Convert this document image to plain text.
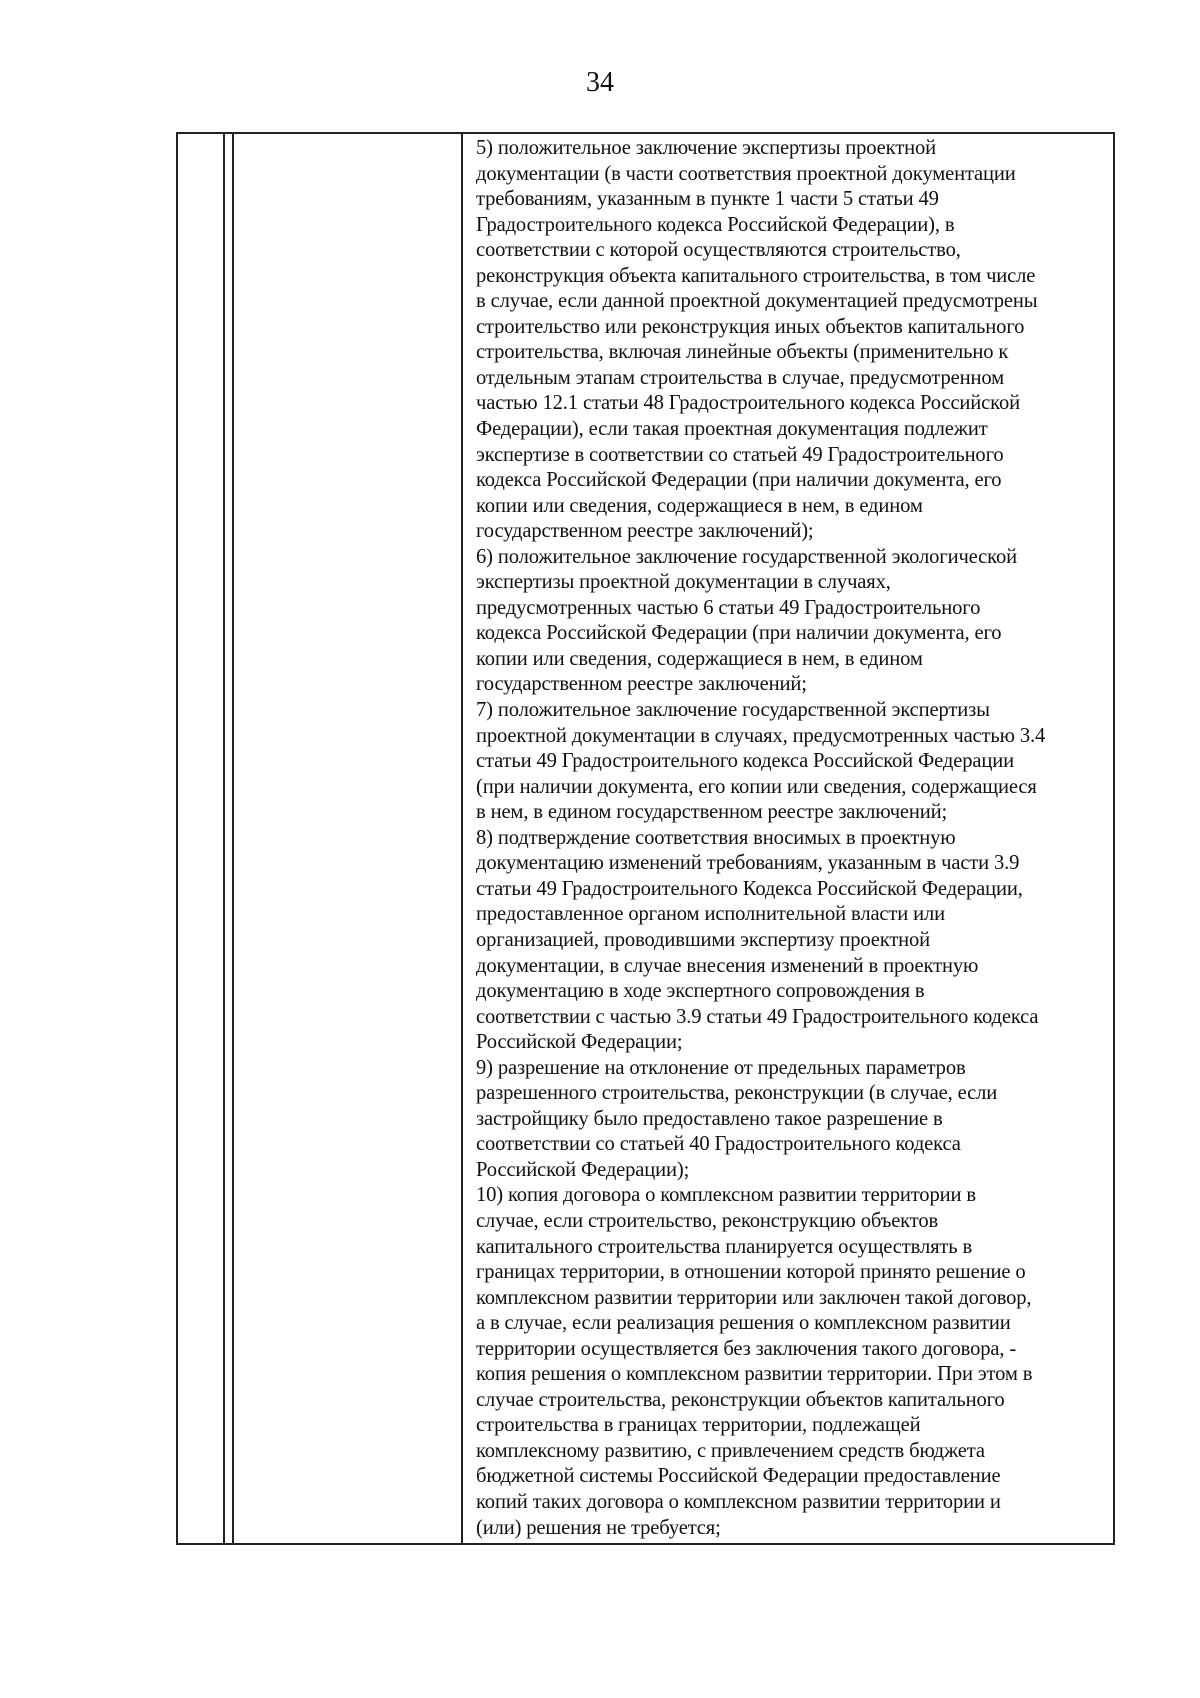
34
5) положительное заключение экспертизы проектной
документации (в части соответствия проектной документации
требованиям, указанным в пункте 1 части 5 статьи 49
Градостроительного кодекса Российской Федерации), в
соответствии с которой осуществляются строительство,
реконструкция объекта капитального строительства, в том числе
в случае, если данной проектной документацией предусмотрены
строительство или реконструкция иных объектов капитального
строительства, включая линейные объекты (применительно к
отдельным этапам строительства в случае, предусмотренном
частью 12.1 статьи 48 Градостроительного кодекса Российской
Федерации), если такая проектная документация подлежит
экспертизе в соответствии со статьей 49 Градостроительного
кодекса Российской Федерации (при наличии документа, его
копии или сведения, содержащиеся в нем, в едином
государственном реестре заключений);
6) положительное заключение государственной экологической
экспертизы проектной документации в случаях,
предусмотренных частью 6 статьи 49 Градостроительного
кодекса Российской Федерации (при наличии документа, его
копии или сведения, содержащиеся в нем, в едином
государственном реестре заключений;
7) положительное заключение государственной экспертизы
проектной документации в случаях, предусмотренных частью 3.4
статьи 49 Градостроительного кодекса Российской Федерации
(при наличии документа, его копии или сведения, содержащиеся
в нем, в едином государственном реестре заключений;
8) подтверждение соответствия вносимых в проектную
документацию изменений требованиям, указанным в части 3.9
статьи 49 Градостроительного Кодекса Российской Федерации,
предоставленное органом исполнительной власти или
организацией, проводившими экспертизу проектной
документации, в случае внесения изменений в проектную
документацию в ходе экспертного сопровождения в
соответствии с частью 3.9 статьи 49 Градостроительного кодекса
Российской Федерации;
9) разрешение на отклонение от предельных параметров
разрешенного строительства, реконструкции (в случае, если
застройщику было предоставлено такое разрешение в
соответствии со статьей 40 Градостроительного кодекса
Российской Федерации);
10) копия договора о комплексном развитии территории в
случае, если строительство, реконструкцию объектов
капитального строительства планируется осуществлять в
границах территории, в отношении которой принято решение о
комплексном развитии территории или заключен такой договор,
а в случае, если реализация решения о комплексном развитии
территории осуществляется без заключения такого договора, -
копия решения о комплексном развитии территории. При этом в
случае строительства, реконструкции объектов капитального
строительства в границах территории, подлежащей
комплексному развитию, с привлечением средств бюджета
бюджетной системы Российской Федерации предоставление
копий таких договора о комплексном развитии территории и
(или) решения не требуется;
